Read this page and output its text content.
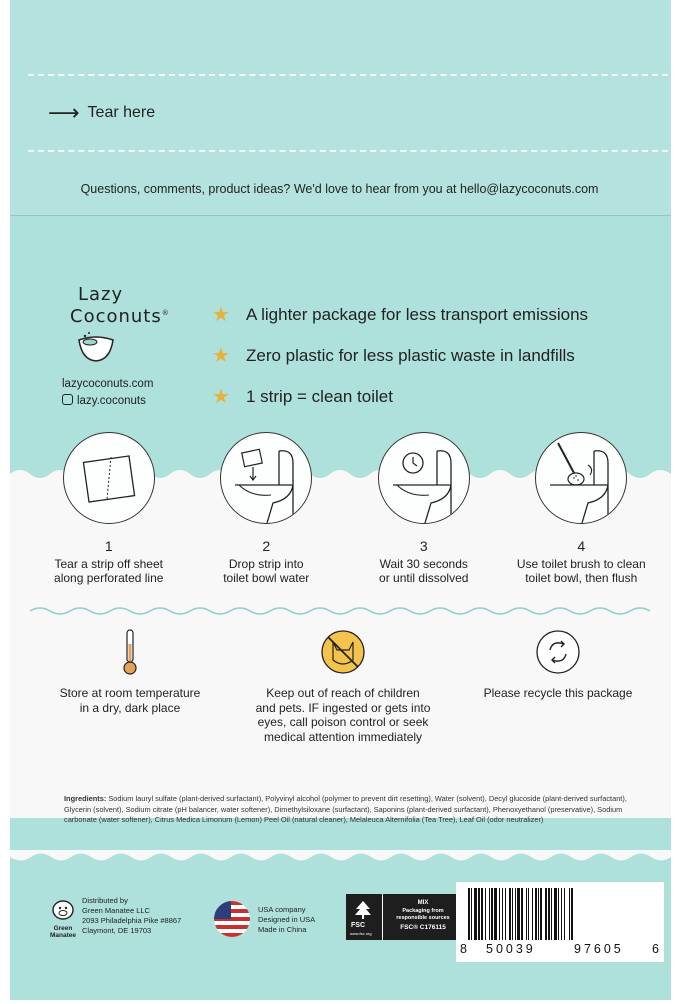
⟶ Tear here
Questions, comments, product ideas? We'd love to hear from you at hello@lazycoconuts.com
Lazy
Coconuts®
lazycoconuts.com
lazy.coconuts
★ A lighter package for less transport emissions
★ Zero plastic for less plastic waste in landfills
★ 1 strip = clean toilet
1
Tear a strip off sheet
along perforated line
2
Drop strip into
toilet bowl water
3
Wait 30 seconds
or until dissolved
4
Use toilet brush to clean
toilet bowl, then flush
Store at room temperature
in a dry, dark place
Keep out of reach of children
and pets. IF ingested or gets into
eyes, call poison control or seek
medical attention immediately
Please recycle this package
Ingredients: Sodium lauryl sulfate (plant-derived surfactant), Polyvinyl alcohol (polymer to prevent dirt resetting), Water (solvent), Decyl glucoside (plant-derived surfactant), Glycerin (solvent), Sodium citrate (pH balancer, water softener), Dimethylsiloxane (surfactant), Saponins (plant-derived surfactant), Phenoxyethanol (preservative), Sodium carbonate (water softener), Citrus Medica Limonum (Lemon) Peel Oil (natural cleaner), Melaleuca Alternifolia (Tea Tree), Leaf Oil (odor neutralizer)
Green
Manatee
Distributed by
Green Manatee LLC
2093 Philadelphia Pike #8867
Claymont, DE 19703
USA company
Designed in USA
Made in China	FSC
www.fsc.org
MIX
Packaging from
responsible sources
FSC® C176115
8 50039	97605 6
